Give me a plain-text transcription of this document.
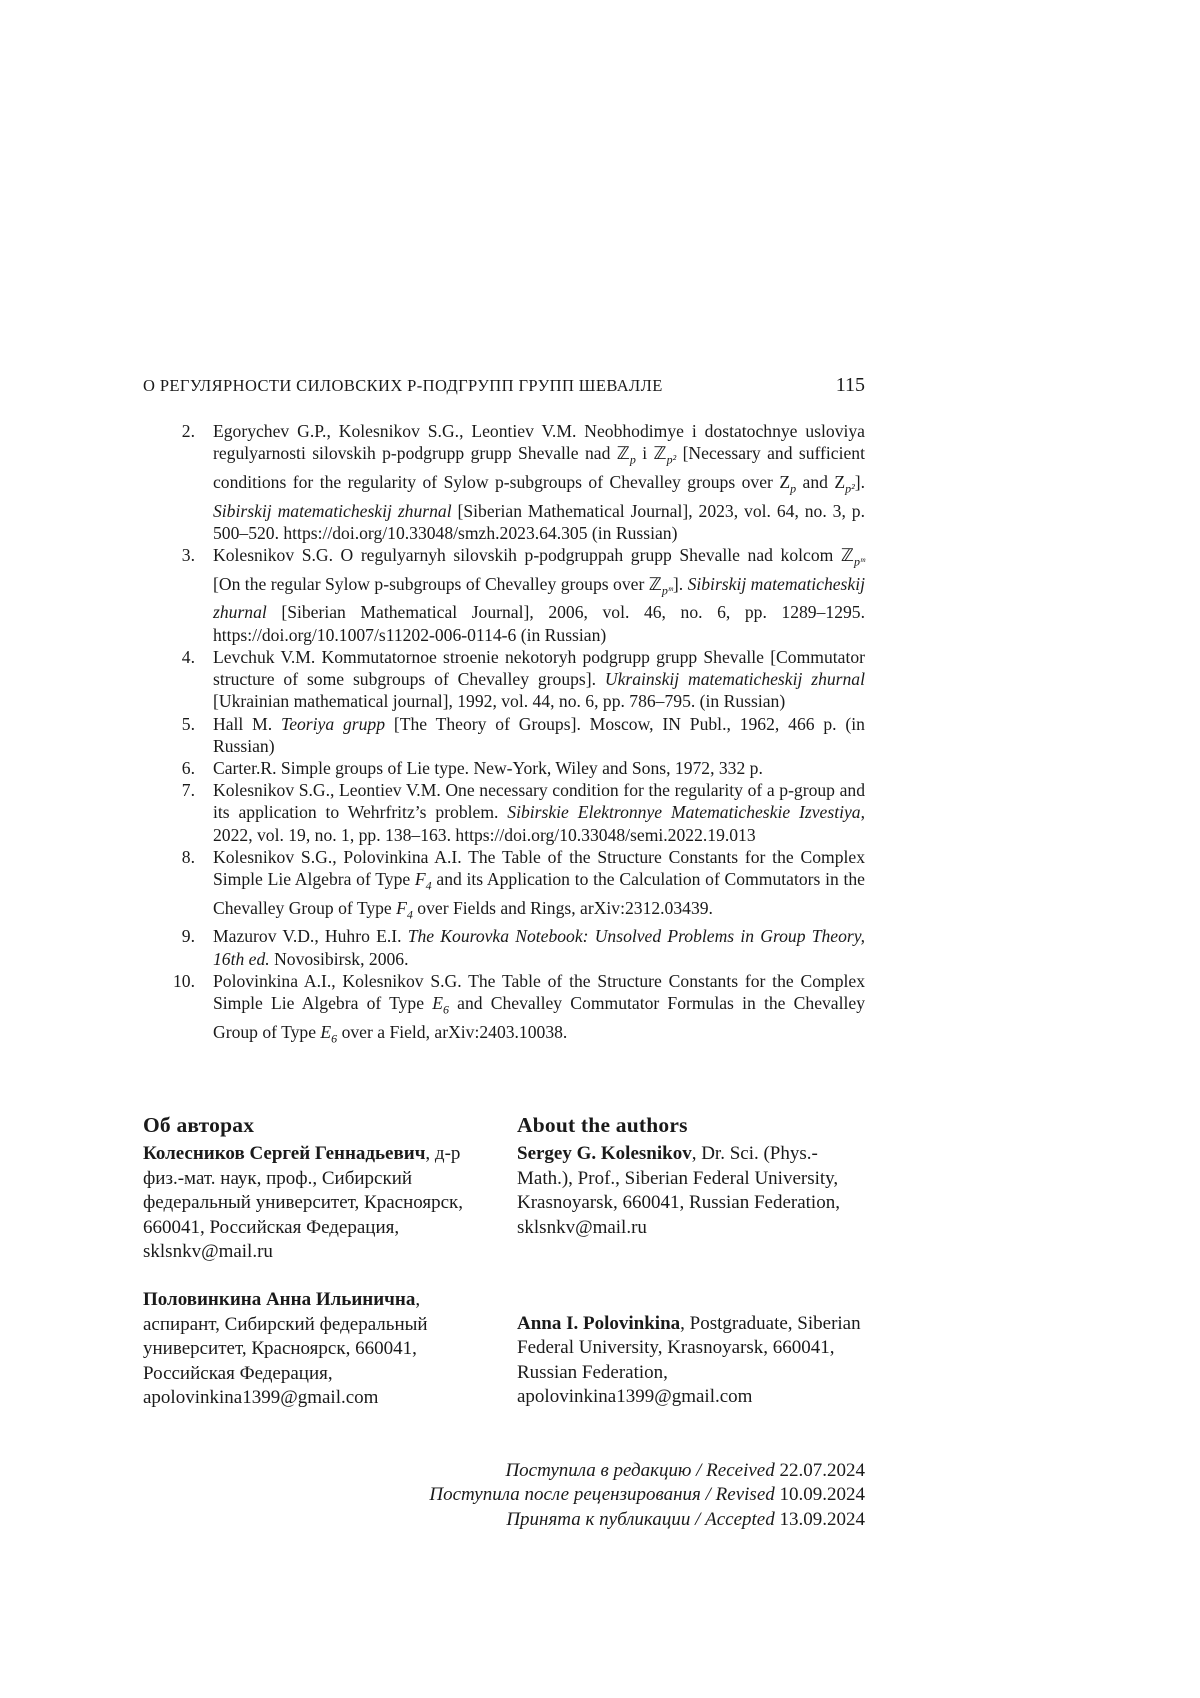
О РЕГУЛЯРНОСТИ СИЛОВСКИХ P-ПОДГРУПП ГРУПП ШЕВАЛЛЕ	115
2.	Egorychev G.P., Kolesnikov S.G., Leontiev V.M. Neobhodimye i dostatochnye usloviya regulyarnosti silovskih p-podgrupp grupp Shevalle nad ℤ$_p$ i ℤ$_{p^2}$ [Necessary and sufficient conditions for the regularity of Sylow p-subgroups of Chevalley groups over $Z_p$ and $Z_{p^2}$]. Sibirskij matematicheskij zhurnal [Siberian Mathematical Journal], 2023, vol. 64, no. 3, p. 500–520. https://doi.org/10.33048/smzh.2023.64.305 (in Russian)
3.	Kolesnikov S.G. O regulyarnyh silovskih p-podgruppah grupp Shevalle nad kolcom ℤ$_{pᵐ}$ [On the regular Sylow p-subgroups of Chevalley groups over ℤ$_{pᵐ}$]. Sibirskij matematicheskij zhurnal [Siberian Mathematical Journal], 2006, vol. 46, no. 6, pp. 1289–1295. https://doi.org/10.1007/s11202-006-0114-6 (in Russian)
4.	Levchuk V.M. Kommutatornoe stroenie nekotoryh podgrupp grupp Shevalle [Commutator structure of some subgroups of Chevalley groups]. Ukrainskij matematicheskij zhurnal [Ukrainian mathematical journal], 1992, vol. 44, no. 6, pp. 786–795. (in Russian)
5.	Hall M. Teoriya grupp [The Theory of Groups]. Moscow, IN Publ., 1962, 466 p. (in Russian)
6.	Carter.R. Simple groups of Lie type. New-York, Wiley and Sons, 1972, 332 p.
7.	Kolesnikov S.G., Leontiev V.M. One necessary condition for the regularity of a p-group and its application to Wehrfritz’s problem. Sibirskie Elektronnye Matematicheskie Izvestiya, 2022, vol. 19, no. 1, pp. 138–163. https://doi.org/10.33048/semi.2022.19.013
8.	Kolesnikov S.G., Polovinkina A.I. The Table of the Structure Constants for the Complex Simple Lie Algebra of Type $F_4$ and its Application to the Calculation of Commutators in the Chevalley Group of Type $F_4$ over Fields and Rings, arXiv:2312.03439.
9.	Mazurov V.D., Huhro E.I. The Kourovka Notebook: Unsolved Problems in Group Theory, 16th ed. Novosibirsk, 2006.
10.	Polovinkina A.I., Kolesnikov S.G. The Table of the Structure Constants for the Complex Simple Lie Algebra of Type $E_6$ and Chevalley Commutator Formulas in the Chevalley Group of Type $E_6$ over a Field, arXiv:2403.10038.
Об авторах
Колесников Сергей Геннадьевич, д-р физ.-мат. наук, проф., Сибирский федеральный университет, Красноярск, 660041, Российская Федерация, sklsnkv@mail.ru
Половинкина Анна Ильинична, аспирант, Сибирский федеральный университет, Красноярск, 660041, Российская Федерация, apolovinkina1399@gmail.com
About the authors
Sergey G. Kolesnikov, Dr. Sci. (Phys.-Math.), Prof., Siberian Federal University, Krasnoyarsk, 660041, Russian Federation, sklsnkv@mail.ru
Anna I. Polovinkina, Postgraduate, Siberian Federal University, Krasnoyarsk, 660041, Russian Federation, apolovinkina1399@gmail.com
Поступила в редакцию / Received 22.07.2024
Поступила после рецензирования / Revised 10.09.2024
Принята к публикации / Accepted 13.09.2024
